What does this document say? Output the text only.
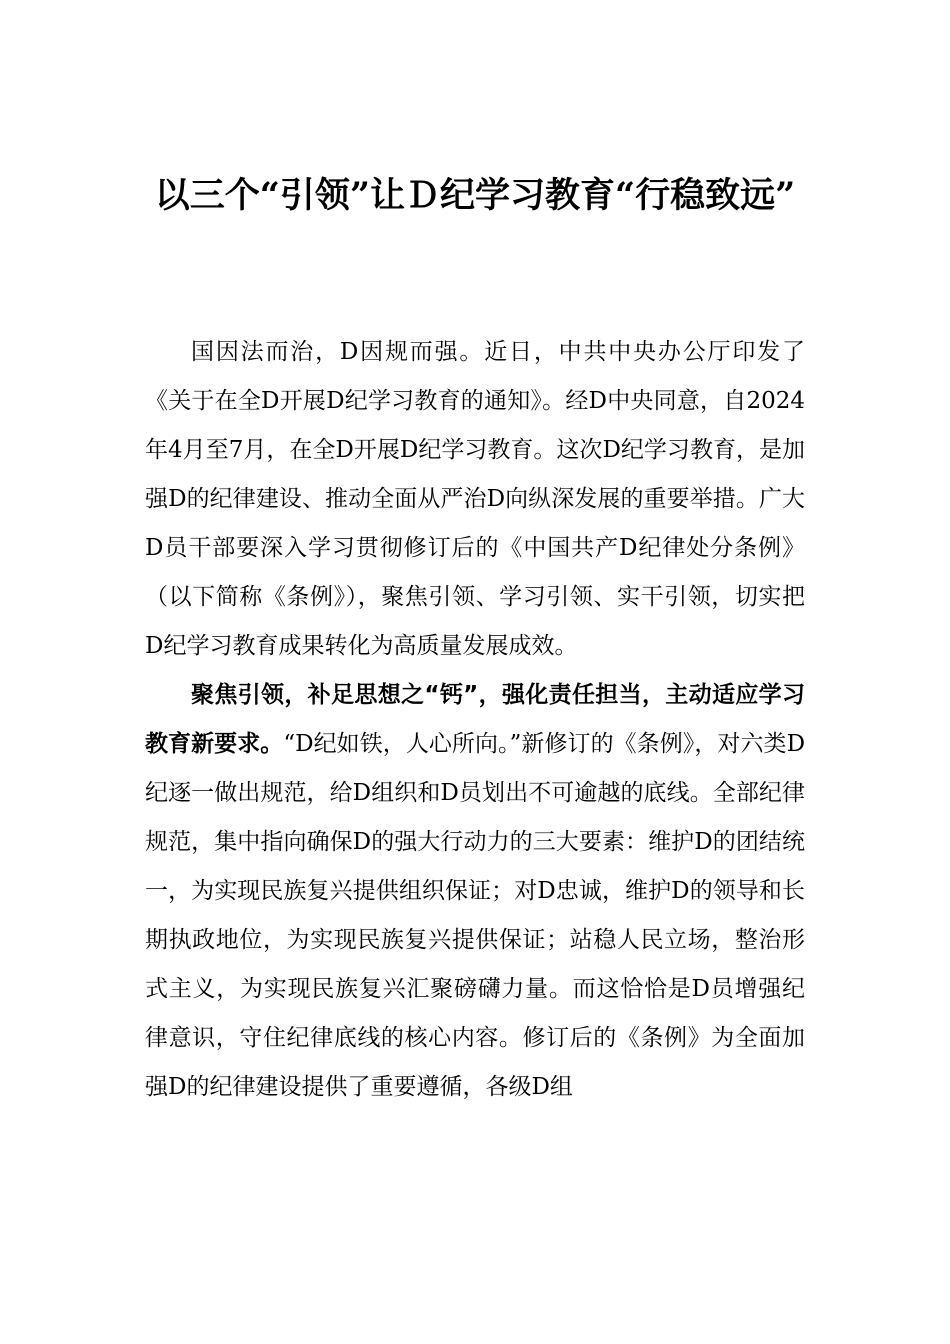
以三个“引领”让Ｄ纪学习教育“行稳致远”

国因法而治，D因规而强。近日，中共中央办公厅印发了《关于在全D开展D纪学习教育的通知》。经D中央同意，自2024年4月至7月，在全D开展D纪学习教育。这次D纪学习教育，是加强D的纪律建设、推动全面从严治D向纵深发展的重要举措。广大D员干部要深入学习贯彻修订后的《中国共产D纪律处分条例》（以下简称《条例》），聚焦引领、学习引领、实干引领，切实把D纪学习教育成果转化为高质量发展成效。

聚焦引领，补足思想之“钙”，强化责任担当，主动适应学习教育新要求。“D纪如铁，人心所向。”新修订的《条例》，对六类D纪逐一做出规范，给D组织和D员划出不可逾越的底线。全部纪律规范，集中指向确保D的强大行动力的三大要素：维护D的团结统一，为实现民族复兴提供组织保证；对D忠诚，维护D的领导和长期执政地位，为实现民族复兴提供保证；站稳人民立场，整治形式主义，为实现民族复兴汇聚磅礴力量。而这恰恰是D员增强纪律意识，守住纪律底线的核心内容。修订后的《条例》为全面加强D的纪律建设提供了重要遵循，各级D组
